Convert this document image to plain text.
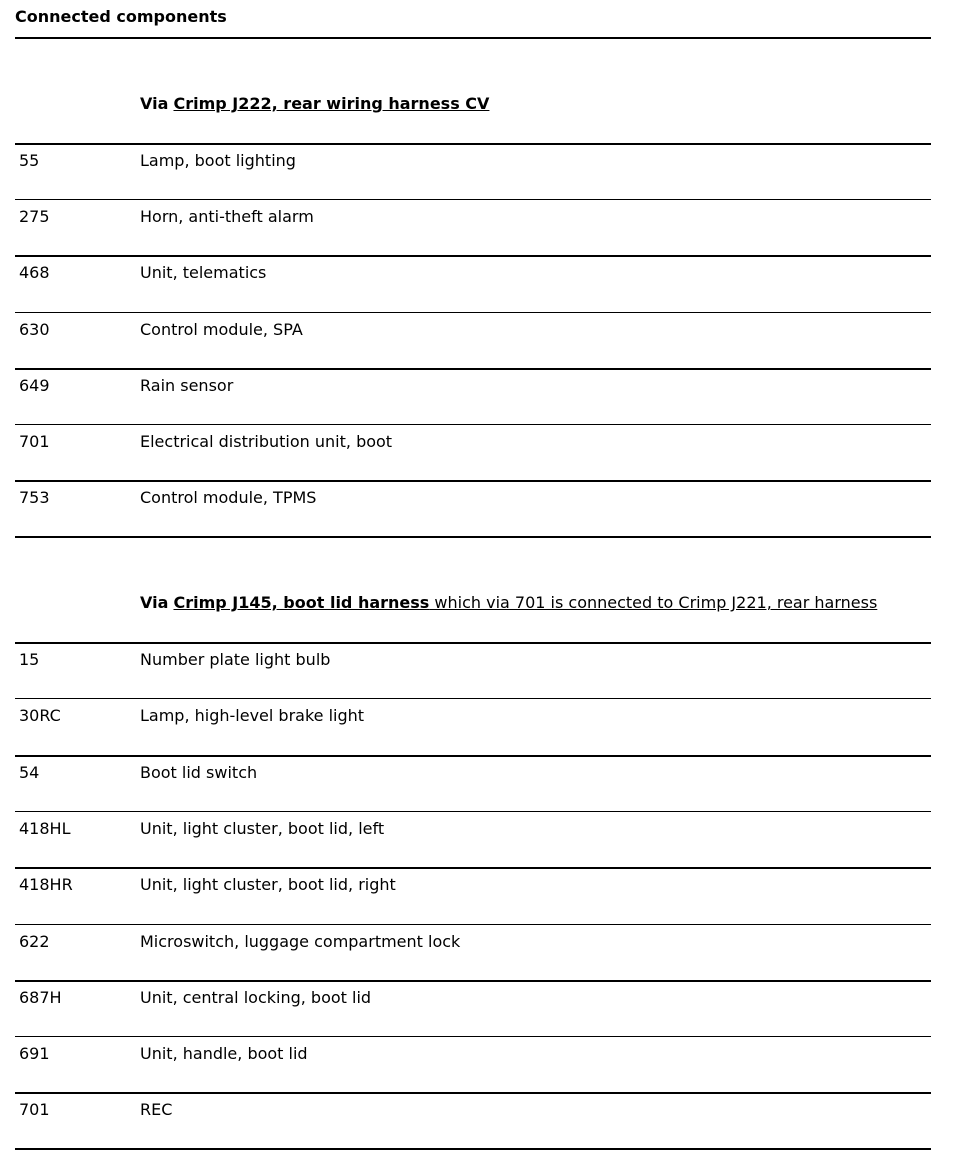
Connected components
Via Crimp J222, rear wiring harness CV
55	Lamp, boot lighting
275	Horn, anti-theft alarm
468	Unit, telematics
630	Control module, SPA
649	Rain sensor
701	Electrical distribution unit, boot
753	Control module, TPMS
Via Crimp J145, boot lid harness which via 701 is connected to Crimp J221, rear harness
15	Number plate light bulb
30RC	Lamp, high-level brake light
54	Boot lid switch
418HL	Unit, light cluster, boot lid, left
418HR	Unit, light cluster, boot lid, right
622	Microswitch, luggage compartment lock
687H	Unit, central locking, boot lid
691	Unit, handle, boot lid
701	REC
